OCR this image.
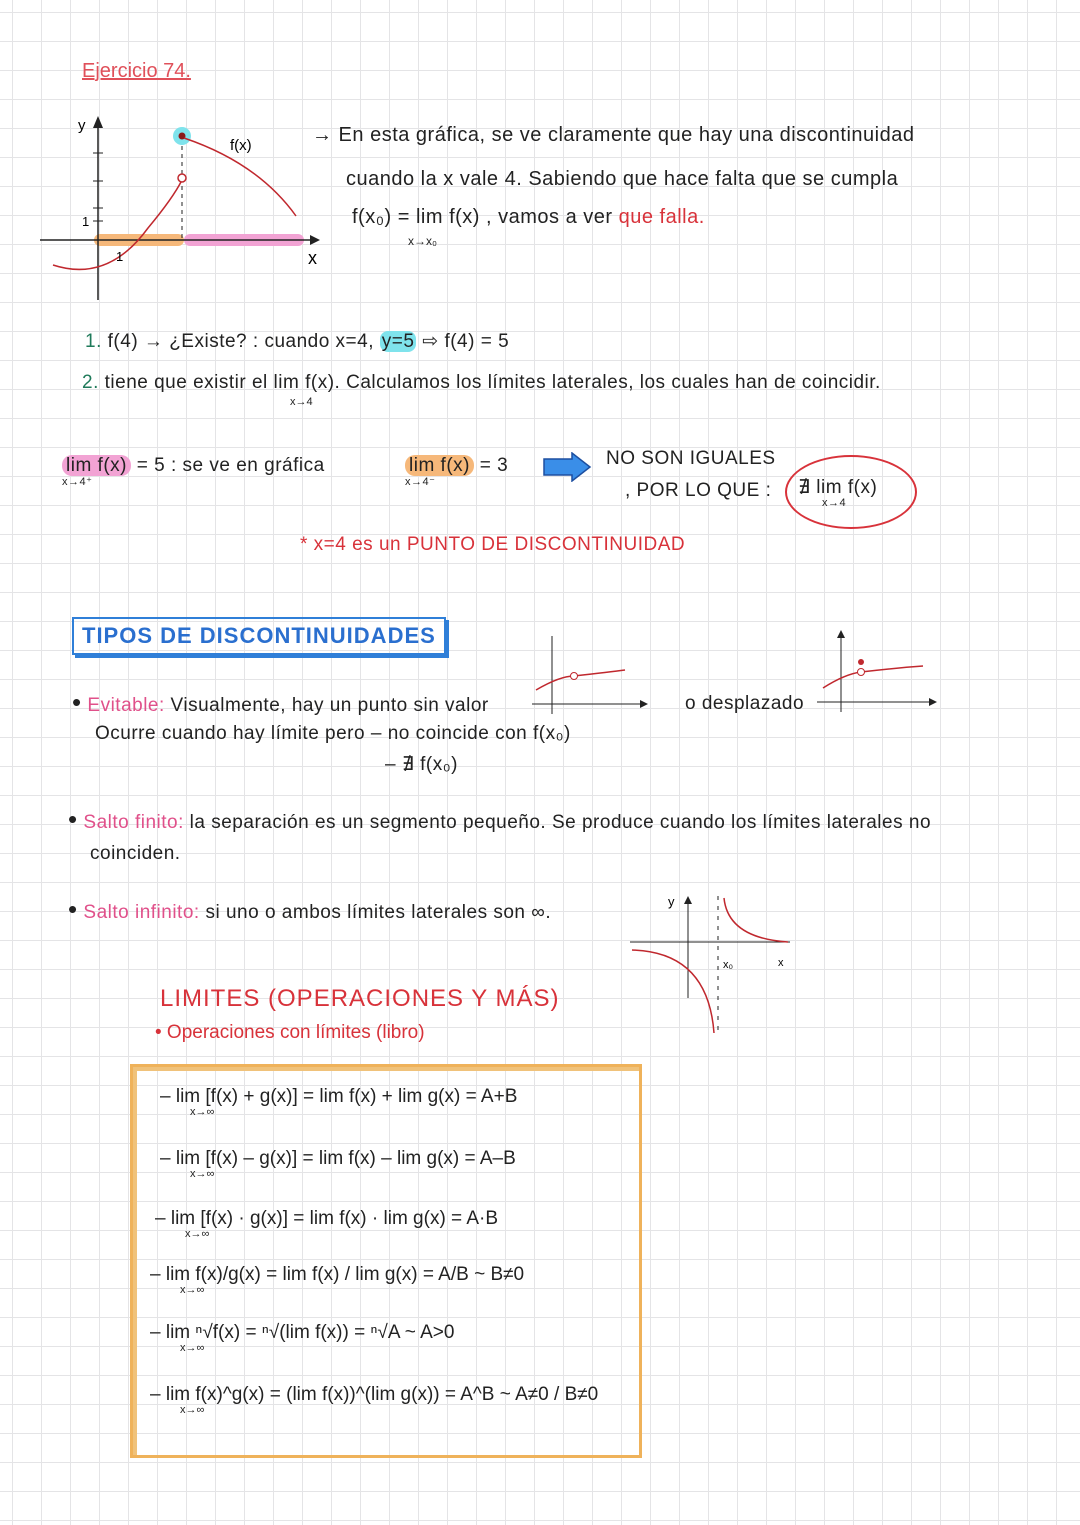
Ejercicio 74.
y
x
1
1
f(x)	→ En esta gráfica, se ve claramente que hay una discontinuidad
cuando la x vale 4. Sabiendo que hace falta que se cumpla
f(x₀) = lim f(x) , vamos a ver que falla.
x→x₀
1. f(4) → ¿Existe? : cuando x=4, y=5 ⇨ f(4) = 5
2. tiene que existir el lim f(x). Calculamos los límites laterales, los cuales han de coincidir.
x→4
lim f(x) = 5 : se ve en gráfica
x→4⁺
lim f(x) = 3
x→4⁻
NO SON IGUALES
, POR LO QUE : ∄ lim f(x)
x→4
* x=4 es un PUNTO DE DISCONTINUIDAD
TIPOS DE DISCONTINUIDADES
• Evitable: Visualmente, hay un punto sin valor
Ocurre cuando hay límite pero – no coincide con f(x₀)
– ∄ f(x₀)
o desplazado
• Salto finito: la separación es un segmento pequeño. Se produce cuando los límites laterales no
coinciden.
• Salto infinito: si uno o ambos límites laterales son ∞.
y
x
x₀
LIMITES (OPERACIONES Y MÁS)
• Operaciones con límites (libro)
– lim [f(x) + g(x)] = lim f(x) + lim g(x) = A+B
x→∞
– lim [f(x) – g(x)] = lim f(x) – lim g(x) = A–B
x→∞
– lim [f(x) · g(x)] = lim f(x) · lim g(x) = A·B
x→∞
– lim f(x)/g(x) = lim f(x) / lim g(x) = A/B ~ B≠0
x→∞
– lim ⁿ√f(x) = ⁿ√(lim f(x)) = ⁿ√A ~ A>0
x→∞
– lim f(x)^g(x) = (lim f(x))^(lim g(x)) = A^B ~ A≠0 / B≠0
x→∞
